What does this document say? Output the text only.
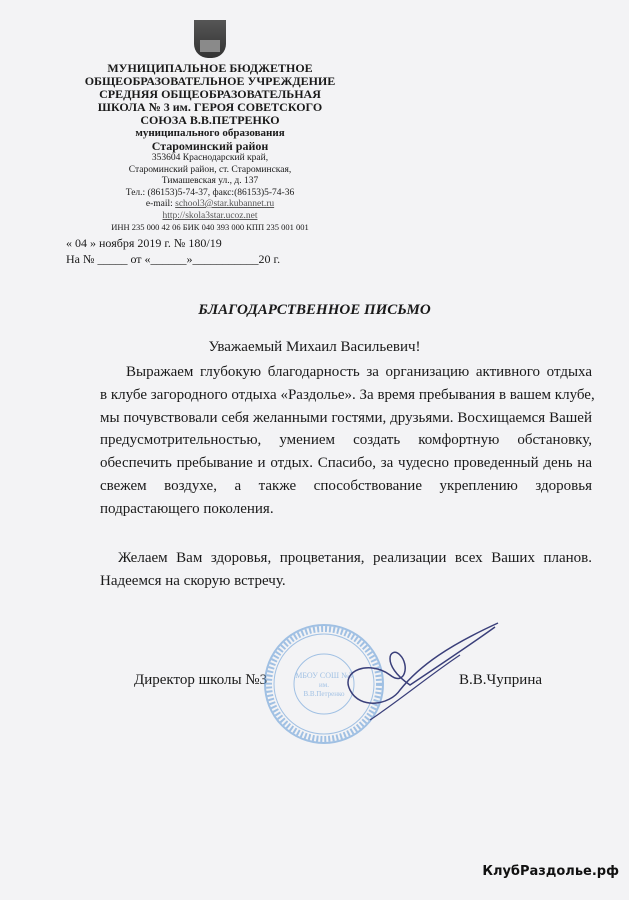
МУНИЦИПАЛЬНОЕ БЮДЖЕТНОЕ
ОБЩЕОБРАЗОВАТЕЛЬНОЕ УЧРЕЖДЕНИЕ
СРЕДНЯЯ ОБЩЕОБРАЗОВАТЕЛЬНАЯ
ШКОЛА № 3 им. ГЕРОЯ СОВЕТСКОГО
СОЮЗА В.В.ПЕТРЕНКО
муниципального образования
Староминский район
353604 Краснодарский край,
Староминский район, ст. Староминская,
Тимашевская ул., д. 137
Тел.: (86153)5-74-37, факс:(86153)5-74-36
e-mail: school3@star.kubannet.ru
http://skola3star.ucoz.net
ИНН 235 000 42 06 БИК 040 393 000 КПП 235 001 001
« 04 » ноября 2019 г. № 180/19
На № _____ от «______»___________20 г.
БЛАГОДАРСТВЕННОЕ ПИСЬМО
Уважаемый Михаил Васильевич!
Выражаем глубокую благодарность за организацию активного отдыха
в клубе загородного отдыха «Раздолье». За время пребывания в вашем клубе,
мы почувствовали себя желанными гостями, друзьями. Восхищаемся Вашей
предусмотрительностью, умением создать комфортную обстановку,
обеспечить пребывание и отдых. Спасибо, за чудесно проведенный день на
свежем воздухе, а также способствование укреплению здоровья
подрастающего поколения.
Желаем Вам здоровья, процветания, реализации всех Ваших планов.
Надеемся на скорую встречу.
Директор школы №3	В.В.Чуприна
МБОУ СОШ №3
им.
В.В.Петренко
КлубРаздолье.рф
